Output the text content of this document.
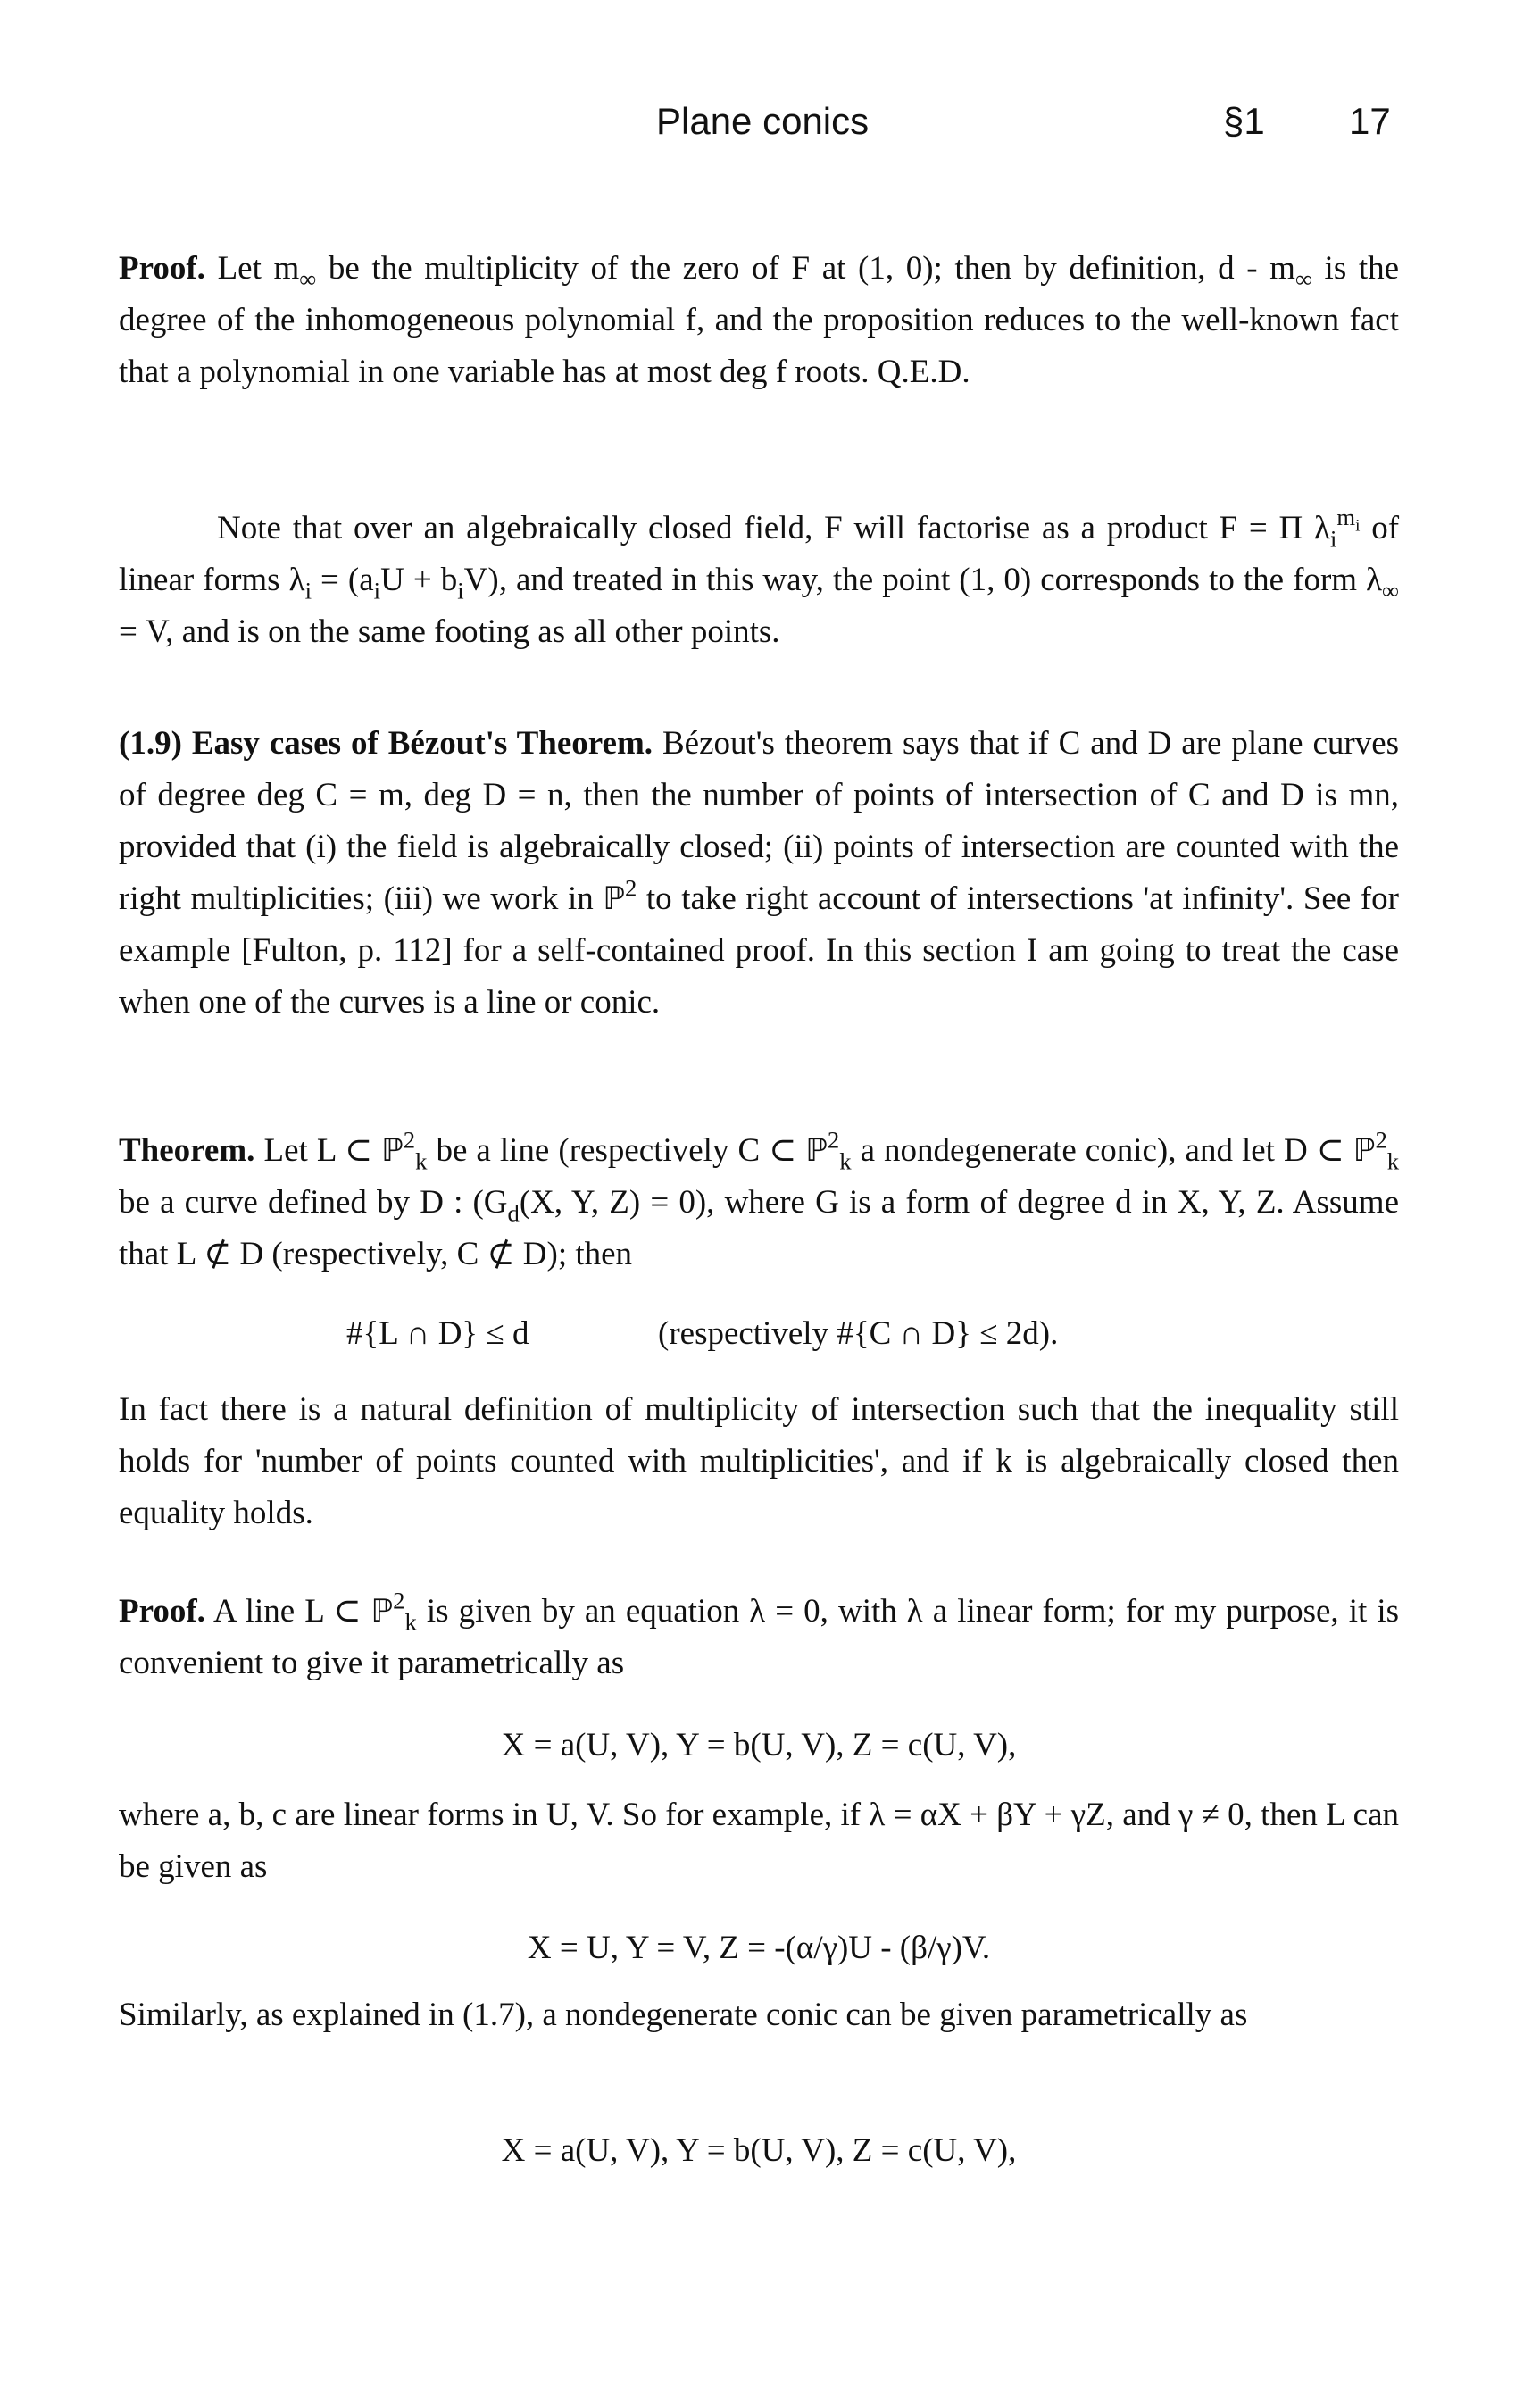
Plane conics	§1 17
Proof. Let $m_\infty$ be the multiplicity of the zero of F at (1, 0); then by definition, d - $m_\infty$ is the degree of the inhomogeneous polynomial f, and the proposition reduces to the well-known fact that a polynomial in one variable has at most deg f roots. Q.E.D.
Note that over an algebraically closed field, F will factorise as a product F = Π $\lambda_i^{m_i}$ of linear forms $\lambda_i = (a_iU + b_iV)$, and treated in this way, the point (1, 0) corresponds to the form $\lambda_\infty = V$, and is on the same footing as all other points.
(1.9) Easy cases of Bézout's Theorem. Bézout's theorem says that if C and D are plane curves of degree deg C = m, deg D = n, then the number of points of intersection of C and D is mn, provided that (i) the field is algebraically closed; (ii) points of intersection are counted with the right multiplicities; (iii) we work in ℙ$^2$ to take right account of intersections 'at infinity'. See for example [Fulton, p. 112] for a self-contained proof. In this section I am going to treat the case when one of the curves is a line or conic.
Theorem. Let L ⊂ ℙ$^2_k$ be a line (respectively C ⊂ ℙ$^2_k$ a nondegenerate conic), and let D ⊂ ℙ$^2_k$ be a curve defined by D : ($G_d(X$, Y, Z) = 0), where G is a form of degree d in X, Y, Z. Assume that L ⊄ D (respectively, C ⊄ D); then
#{L ∩ D} ≤ d	(respectively #{C ∩ D} ≤ 2d).
In fact there is a natural definition of multiplicity of intersection such that the inequality still holds for 'number of points counted with multiplicities', and if k is algebraically closed then equality holds.
Proof. A line L ⊂ ℙ$^2_k$ is given by an equation λ = 0, with λ a linear form; for my purpose, it is convenient to give it parametrically as
X = a(U, V), Y = b(U, V), Z = c(U, V),
where a, b, c are linear forms in U, V. So for example, if λ = αX + βY + γZ, and γ ≠ 0, then L can be given as
X = U, Y = V, Z = -(α/γ)U - (β/γ)V.
Similarly, as explained in (1.7), a nondegenerate conic can be given parametrically as
X = a(U, V), Y = b(U, V), Z = c(U, V),
